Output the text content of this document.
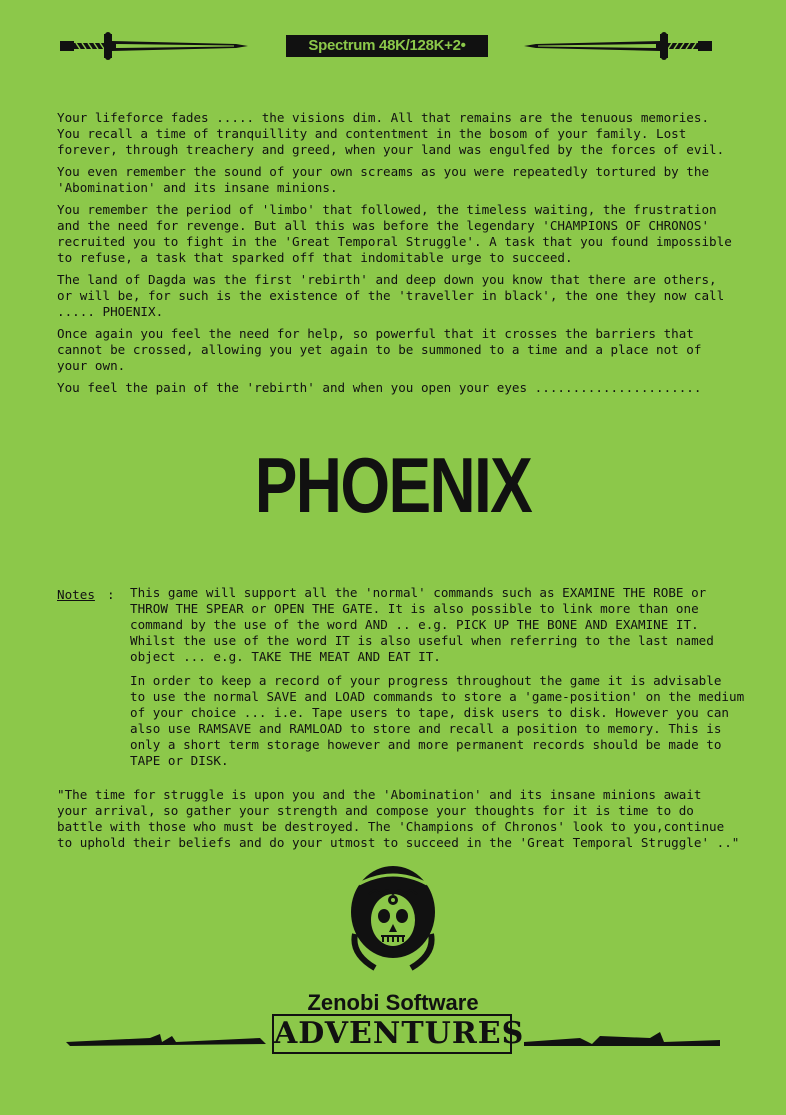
Spectrum 48K/128K+2•

Your lifeforce fades ..... the visions dim. All that remains are the tenuous memories.
You recall a time of tranquillity and contentment in the bosom of your family. Lost
forever, through treachery and greed, when your land was engulfed by the forces of evil.

You even remember the sound of your own screams as you were repeatedly tortured by the
'Abomination' and its insane minions.

You remember the period of 'limbo' that followed, the timeless waiting, the frustration
and the need for revenge. But all this was before the legendary 'CHAMPIONS OF CHRONOS'
recruited you to fight in the 'Great Temporal Struggle'. A task that you found impossible
to refuse, a task that sparked off that indomitable urge to succeed.

The land of Dagda was the first 'rebirth' and deep down you know that there are others,
or will be, for such is the existence of the 'traveller in black', the one they now call
..... PHOENIX.

Once again you feel the need for help, so powerful that it crosses the barriers that
cannot be crossed, allowing you yet again to be summoned to a time and a place not of
your own.

You feel the pain of the 'rebirth' and when you open your eyes ......................

PHOENIX
Notes : This game will support all the 'normal' commands such as EXAMINE THE ROBE or
THROW THE SPEAR or OPEN THE GATE. It is also possible to link more than one
command by the use of the word AND .. e.g. PICK UP THE BONE AND EXAMINE IT.
Whilst the use of the word IT is also useful when referring to the last named
object ... e.g. TAKE THE MEAT AND EAT IT.

In order to keep a record of your progress throughout the game it is advisable
to use the normal SAVE and LOAD commands to store a 'game-position' on the medium
of your choice ... i.e. Tape users to tape, disk users to disk. However you can
also use RAMSAVE and RAMLOAD to store and recall a position to memory. This is
only a short term storage however and more permanent records should be made to
TAPE or DISK.

"The time for struggle is upon you and the 'Abomination' and its insane minions await
your arrival, so gather your strength and compose your thoughts for it is time to do
battle with those who must be destroyed. The 'Champions of Chronos' look to you,continue
to uphold their beliefs and do your utmost to succeed in the 'Great Temporal Struggle' .."

Zenobi Software
ADVENTURES
